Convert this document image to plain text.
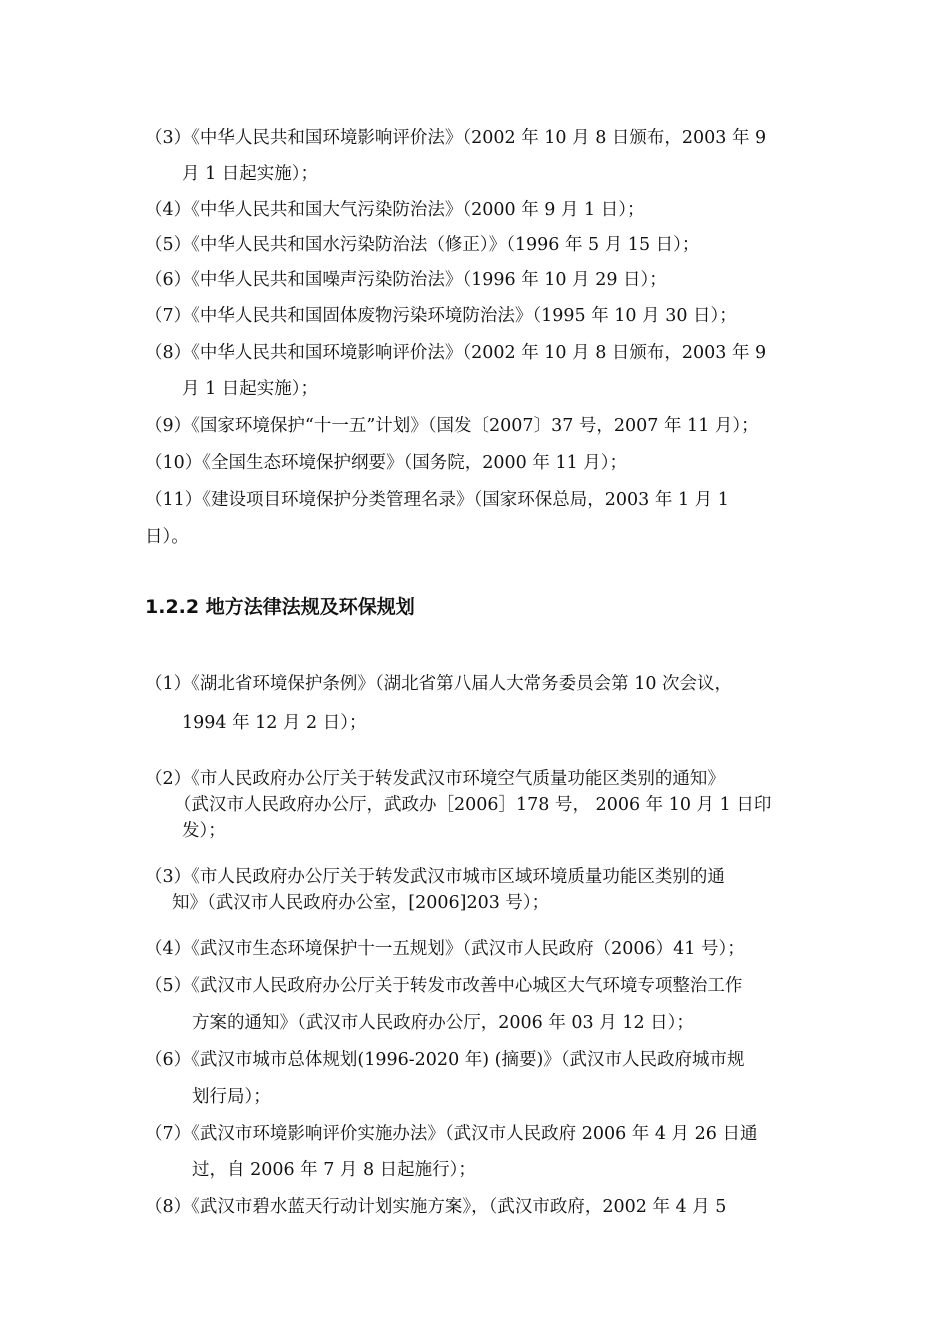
（3）《中华人民共和国环境影响评价法》（2002 年 10 月 8 日颁布，2003 年 9
月 1 日起实施）；
（4）《中华人民共和国大气污染防治法》（2000 年 9 月 1 日）；
（5）《中华人民共和国水污染防治法（修正）》（1996 年 5 月 15 日）；
（6）《中华人民共和国噪声污染防治法》（1996 年 10 月 29 日）；
（7）《中华人民共和国固体废物污染环境防治法》（1995 年 10 月 30 日）；
（8）《中华人民共和国环境影响评价法》（2002 年 10 月 8 日颁布，2003 年 9
月 1 日起实施）；
（9）《国家环境保护“十一五”计划》（国发〔2007〕37 号，2007 年 11 月）；
（10）《全国生态环境保护纲要》（国务院，2000 年 11 月）；
（11）《建设项目环境保护分类管理名录》（国家环保总局，2003 年 1 月 1
日）。
1.2.2 地方法律法规及环保规划
（1）《湖北省环境保护条例》（湖北省第八届人大常务委员会第 10 次会议，
1994 年 12 月 2 日）；
（2）《市人民政府办公厅关于转发武汉市环境空气质量功能区类别的通知》
（武汉市人民政府办公厅，武政办［2006］178 号， 2006 年 10 月 1 日印
发）；
（3）《市人民政府办公厅关于转发武汉市城市区域环境质量功能区类别的通
知》（武汉市人民政府办公室，[2006]203 号）；
（4）《武汉市生态环境保护十一五规划》（武汉市人民政府（2006）41 号）；
（5）《武汉市人民政府办公厅关于转发市改善中心城区大气环境专项整治工作
方案的通知》（武汉市人民政府办公厅，2006 年 03 月 12 日）；
（6）《武汉市城市总体规划(1996-2020 年) (摘要)》（武汉市人民政府城市规
划行局）；
（7）《武汉市环境影响评价实施办法》（武汉市人民政府 2006 年 4 月 26 日通
过，自 2006 年 7 月 8 日起施行）；
（8）《武汉市碧水蓝天行动计划实施方案》，（武汉市政府，2002 年 4 月 5
